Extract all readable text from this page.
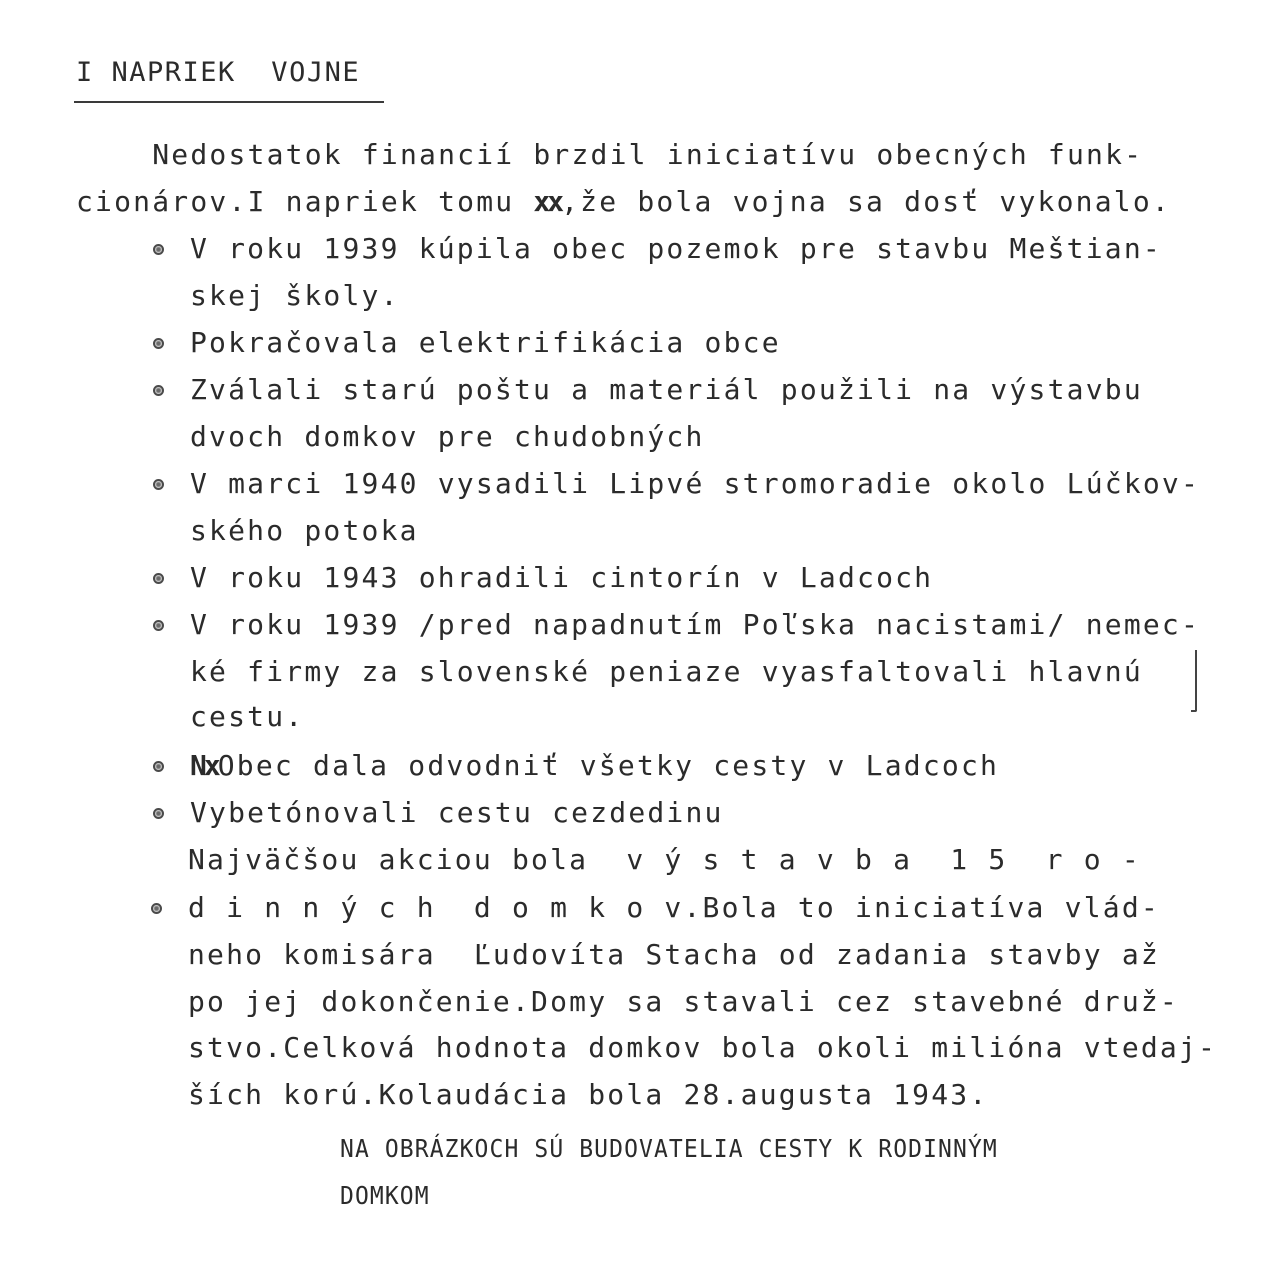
I NAPRIEK  VOJNE
Nedostatok financií brzdil iniciatívu obecných funk-
cionárov.I napriek tomu xx,že bola vojna sa dosť vykonalo.
V roku 1939 kúpila obec pozemok pre stavbu Meštian-
skej školy.
Pokračovala elektrifikácia obce
Zválali starú poštu a materiál použili na výstavbu
dvoch domkov pre chudobných
V marci 1940 vysadili Lipvé stromoradie okolo Lúčkov-
ského potoka
V roku 1943 ohradili cintorín v Ladcoch
V roku 1939 /pred napadnutím Poľska nacistami/ nemec-
ké firmy za slovenské peniaze vyasfaltovali hlavnú
cestu.
NxObec dala odvodniť všetky cesty v Ladcoch
Vybetónovali cestu cezdedinu
Najväčšou akciou bola  v ý s t a v b a  1 5  r o -
d i n n ý c h  d o m k o v.Bola to iniciatíva vlád-
neho komisára  Ľudovíta Stacha od zadania stavby až
po jej dokončenie.Domy sa stavali cez stavebné druž-
stvo.Celková hodnota domkov bola okoli milióna vtedaj-
ších korú.Kolaudácia bola 28.augusta 1943.
NA OBRÁZKOCH SÚ BUDOVATELIA CESTY K RODINNÝM
DOMKOM
